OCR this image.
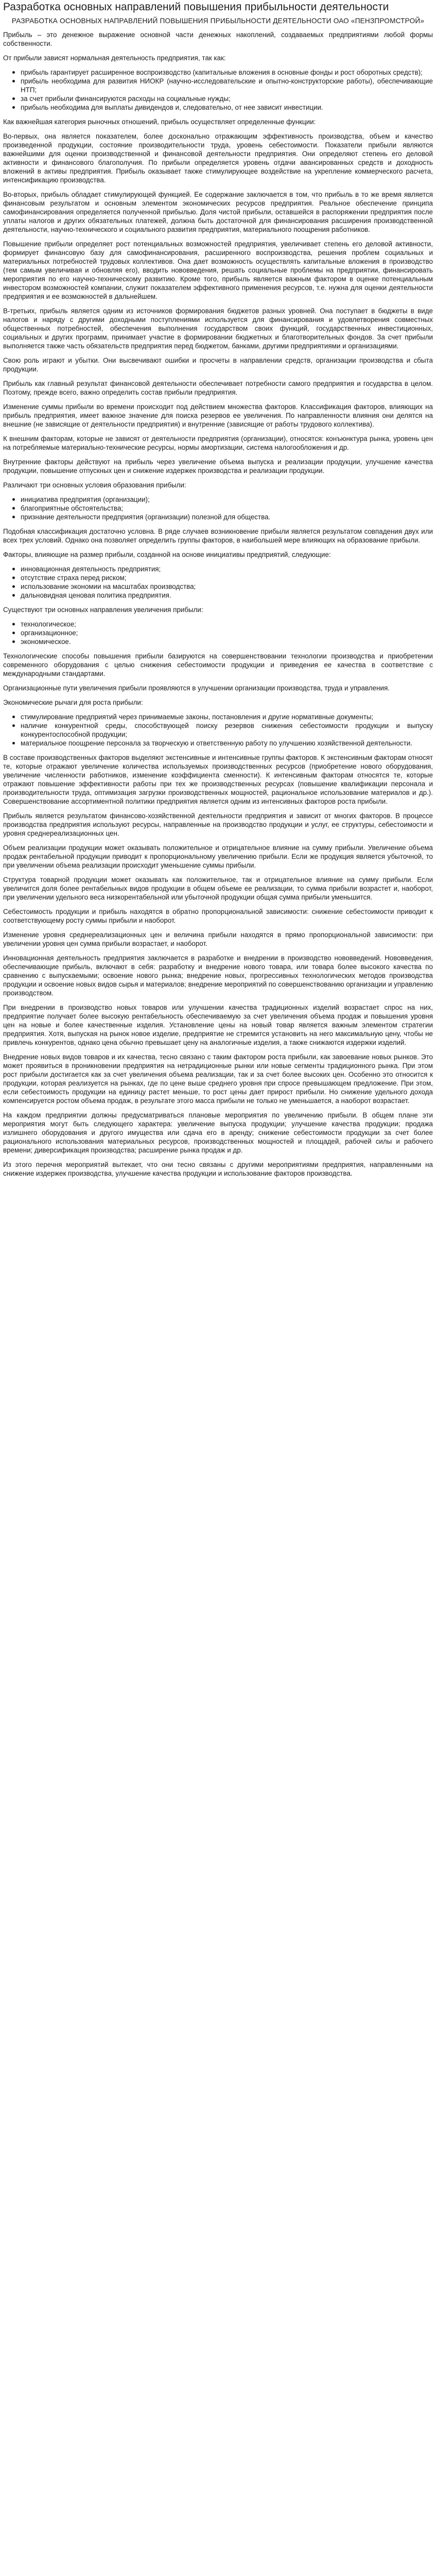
Разработка основных направлений повышения прибыльности деятельности
РАЗРАБОТКА ОСНОВНЫХ НАПРАВЛЕНИЙ ПОВЫШЕНИЯ ПРИБЫЛЬНОСТИ ДЕЯТЕЛЬНОСТИ ОАО «ПЕНЗПРОМСТРОЙ»

Прибыль – это денежное выражение основной части денежных накоплений, создаваемых предприятиями любой формы собственности.

От прибыли зависят нормальная деятельность предприятия, так как:

прибыль гарантирует расширенное воспроизводство (капитальные вложения в основные фонды и рост оборотных средств);
прибыль необходима для развития НИОКР (научно-исследовательские и опытно-конструкторские работы), обеспечивающие НТП;
за счет прибыли финансируются расходы на социальные нужды;
прибыль необходима для выплаты дивидендов и, следовательно, от нее зависит инвестиции.

Как важнейшая категория рыночных отношений, прибыль осуществляет определенные функции:

Во-первых, она является показателем, более досконально отражающим эффективность производства, объем и качество произведенной продукции, состояние производительности труда, уровень себестоимости. Показатели прибыли являются важнейшими для оценки производственной и финансовой деятельности предприятия. Они определяют степень его деловой активности и финансового благополучия. По прибыли определяется уровень отдачи авансированных средств и доходность вложений в активы предприятия. Прибыль оказывает также стимулирующее воздействие на укрепление коммерческого расчета, интенсификацию производства.

Во-вторых, прибыль обладает стимулирующей функцией. Ее содержание заключается в том, что прибыль в то же время является финансовым результатом и основным элементом экономических ресурсов предприятия. Реальное обеспечение принципа самофинансирования определяется полученной прибылью. Доля чистой прибыли, оставшейся в распоряжении предприятия после уплаты налогов и других обязательных платежей, должна быть достаточной для финансирования расширения производственной деятельности, научно-технического и социального развития предприятия, материального поощрения работников.

Повышение прибыли определяет рост потенциальных возможностей предприятия, увеличивает степень его деловой активности, формирует финансовую базу для самофинансирования, расширенного воспроизводства, решения проблем социальных и материальных потребностей трудовых коллективов. Она дает возможность осуществлять капитальные вложения в производство (тем самым увеличивая и обновляя его), вводить нововведения, решать социальные проблемы на предприятии, финансировать мероприятия по его научно-техническому развитию. Кроме того, прибыль является важным фактором в оценке потенциальным инвестором возможностей компании, служит показателем эффективного применения ресурсов, т.е. нужна для оценки деятельности предприятия и ее возможностей в дальнейшем.

В-третьих, прибыль является одним из источников формирования бюджетов разных уровней. Она поступает в бюджеты в виде налогов и наряду с другими доходными поступлениями используется для финансирования и удовлетворения совместных общественных потребностей, обеспечения выполнения государством своих функций, государственных инвестиционных, социальных и других программ, принимает участие в формировании бюджетных и благотворительных фондов. За счет прибыли выполняется также часть обязательств предприятия перед бюджетом, банками, другими предприятиями и организациями.

Свою роль играют и убытки. Они высвечивают ошибки и просчеты в направлении средств, организации производства и сбыта продукции.

Прибыль как главный результат финансовой деятельности обеспечивает потребности самого предприятия и государства в целом. Поэтому, прежде всего, важно определить состав прибыли предприятия.

Изменение суммы прибыли во времени происходит под действием множества факторов. Классификация факторов, влияющих на прибыль предприятия, имеет важное значение для поиска резервов ее увеличения. По направленности влияния они делятся на внешние (не зависящие от деятельности предприятия) и внутренние (зависящие от работы трудового коллектива).

К внешним факторам, которые не зависят от деятельности предприятия (организации), относятся: конъюнктура рынка, уровень цен на потребляемые материально-технические ресурсы, нормы амортизации, система налогообложения и др.

Внутренние факторы действуют на прибыль через увеличение объема выпуска и реализации продукции, улучшение качества продукции, повышение отпускных цен и снижение издержек производства и реализации продукции.

Различают три основных условия образования прибыли:

инициатива предприятия (организации);
благоприятные обстоятельства;
признание деятельности предприятия (организации) полезной для общества.

Подобная классификация достаточно условна. В ряде случаев возникновение прибыли является результатом совпадения двух или всех трех условий. Однако она позволяет определить группы факторов, в наибольшей мере влияющих на образование прибыли.

Факторы, влияющие на размер прибыли, созданной на основе инициативы предприятий, следующие:

инновационная деятельность предприятия;
отсутствие страха перед риском;
использование экономии на масштабах производства;
дальновидная ценовая политика предприятия.

Существуют три основных направления увеличения прибыли:

технологическое;
организационное;
экономическое.

Технологические способы повышения прибыли базируются на совершенствовании технологии производства и приобретении современного оборудования с целью снижения себестоимости продукции и приведения ее качества в соответствие с международными стандартами.

Организационные пути увеличения прибыли проявляются в улучшении организации производства, труда и управления.

Экономические рычаги для роста прибыли:

стимулирование предприятий через принимаемые законы, постановления и другие нормативные документы;
наличие конкурентной среды, способствующей поиску резервов снижения себестоимости продукции и выпуску конкурентоспособной продукции;
материальное поощрение персонала за творческую и ответственную работу по улучшению хозяйственной деятельности.

В составе производственных факторов выделяют экстенсивные и интенсивные группы факторов. К экстенсивным факторам относят те, которые отражают увеличение количества используемых производственных ресурсов (приобретение нового оборудования, увеличение численности работников, изменение коэффициента сменности). К интенсивным факторам относятся те, которые отражают повышение эффективности работы при тех же производственных ресурсах (повышение квалификации персонала и производительности труда, оптимизация загрузки производственных мощностей, рациональное использование материалов и др.). Совершенствование ассортиментной политики предприятия является одним из интенсивных факторов роста прибыли.

Прибыль является результатом финансово-хозяйственной деятельности предприятия и зависит от многих факторов. В процессе производства предприятия используют ресурсы, направленные на производство продукции и услуг, ее структуры, себестоимости и уровня среднереализационных цен.

Объем реализации продукции может оказывать положительное и отрицательное влияние на сумму прибыли. Увеличение объема продаж рентабельной продукции приводит к пропорциональному увеличению прибыли. Если же продукция является убыточной, то при увеличении объема реализации происходит уменьшение суммы прибыли.

Структура товарной продукции может оказывать как положительное, так и отрицательное влияние на сумму прибыли. Если увеличится доля более рентабельных видов продукции в общем объеме ее реализации, то сумма прибыли возрастет и, наоборот, при увеличении удельного веса низкорентабельной или убыточной продукции общая сумма прибыли уменьшится.

Себестоимость продукции и прибыль находятся в обратно пропорциональной зависимости: снижение себестоимости приводит к соответствующему росту суммы прибыли и наоборот.

Изменение уровня среднереализационных цен и величина прибыли находятся в прямо пропорциональной зависимости: при увеличении уровня цен сумма прибыли возрастает, и наоборот.

Инновационная деятельность предприятия заключается в разработке и внедрении в производство нововведений. Нововведения, обеспечивающие прибыль, включают в себя: разработку и внедрение нового товара, или товара более высокого качества по сравнению с выпускаемыми; освоение нового рынка; внедрение новых, прогрессивных технологических методов производства продукции и освоение новых видов сырья и материалов; внедрение мероприятий по совершенствованию организации и управлению производством.

При внедрении в производство новых товаров или улучшении качества традиционных изделий возрастает спрос на них, предприятие получает более высокую рентабельность обеспечиваемую за счет увеличения объема продаж и повышения уровня цен на новые и более качественные изделия. Установление цены на новый товар является важным элементом стратегии предприятия. Хотя, выпуская на рынок новое изделие, предприятие не стремится установить на него максимальную цену, чтобы не привлечь конкурентов, однако цена обычно превышает цену на аналогичные изделия, а также снижаются издержки изделий.

Внедрение новых видов товаров и их качества, тесно связано с таким фактором роста прибыли, как завоевание новых рынков. Это может проявиться в проникновении предприятия на нетрадиционные рынки или новые сегменты традиционного рынка. При этом рост прибыли достигается как за счет увеличения объема реализации, так и за счет более высоких цен. Особенно это относится к продукции, которая реализуется на рынках, где по цене выше среднего уровня при спросе превышающем предложение. При этом, если себестоимость продукции на единицу растет меньше, то рост цены дает прирост прибыли. Но снижение удельного дохода компенсируется ростом объема продаж, в результате этого масса прибыли не только не уменьшается, а наоборот возрастает.

На каждом предприятии должны предусматриваться плановые мероприятия по увеличению прибыли. В общем плане эти мероприятия могут быть следующего характера: увеличение выпуска продукции; улучшение качества продукции; продажа излишнего оборудования и другого имущества или сдача его в аренду; снижение себестоимости продукции за счет более рационального использования материальных ресурсов, производственных мощностей и площадей, рабочей силы и рабочего времени; диверсификация производства; расширение рынка продаж и др.

Из этого перечня мероприятий вытекает, что они тесно связаны с другими мероприятиями предприятия, направленными на снижение издержек производства, улучшение качества продукции и использование факторов производства.
